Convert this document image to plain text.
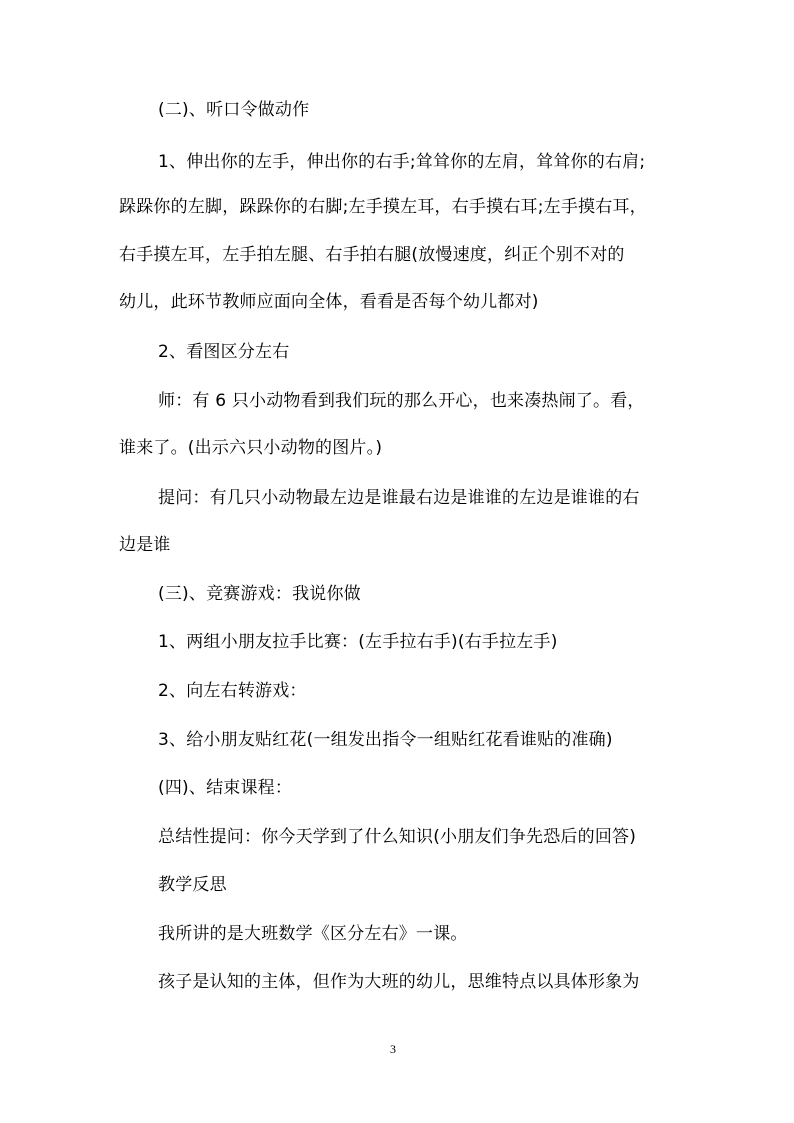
(二)、听口令做动作
1、伸出你的左手，伸出你的右手;耸耸你的左肩，耸耸你的右肩;
跺跺你的左脚，跺跺你的右脚;左手摸左耳，右手摸右耳;左手摸右耳，
右手摸左耳，左手拍左腿、右手拍右腿(放慢速度，纠正个别不对的
幼儿，此环节教师应面向全体，看看是否每个幼儿都对)
2、看图区分左右
师：有 6 只小动物看到我们玩的那么开心，也来凑热闹了。看，
谁来了。(出示六只小动物的图片。)
提问：有几只小动物最左边是谁最右边是谁谁的左边是谁谁的右
边是谁
(三)、竞赛游戏：我说你做
1、两组小朋友拉手比赛：(左手拉右手)(右手拉左手)
2、向左右转游戏：
3、给小朋友贴红花(一组发出指令一组贴红花看谁贴的准确)
(四)、结束课程：
总结性提问：你今天学到了什么知识(小朋友们争先恐后的回答)
教学反思
我所讲的是大班数学《区分左右》一课。
孩子是认知的主体，但作为大班的幼儿，思维特点以具体形象为
3
